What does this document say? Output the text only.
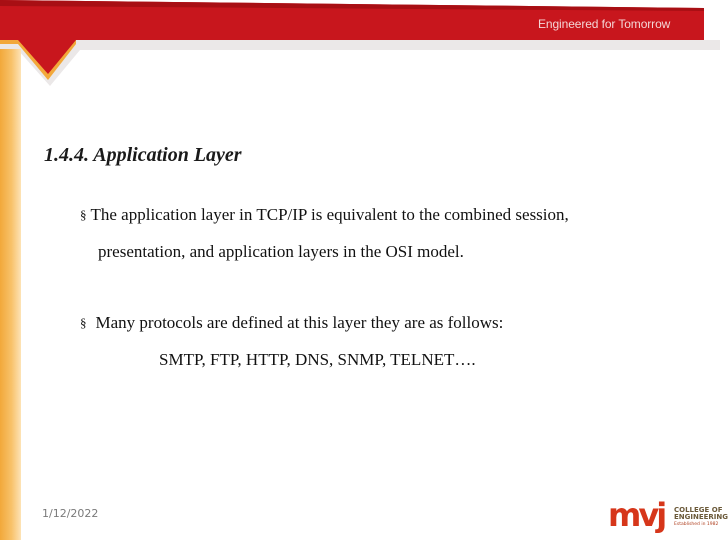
Engineered for Tomorrow
1.4.4. Application Layer
§ The application layer in TCP/IP is equivalent to the combined session,
presentation, and application layers in the OSI model.
§ Many protocols are defined at this layer they are as follows:
SMTP, FTP, HTTP, DNS, SNMP, TELNET….
1/12/2022	mvj COLLEGE OF
ENGINEERING
Established in 1982
